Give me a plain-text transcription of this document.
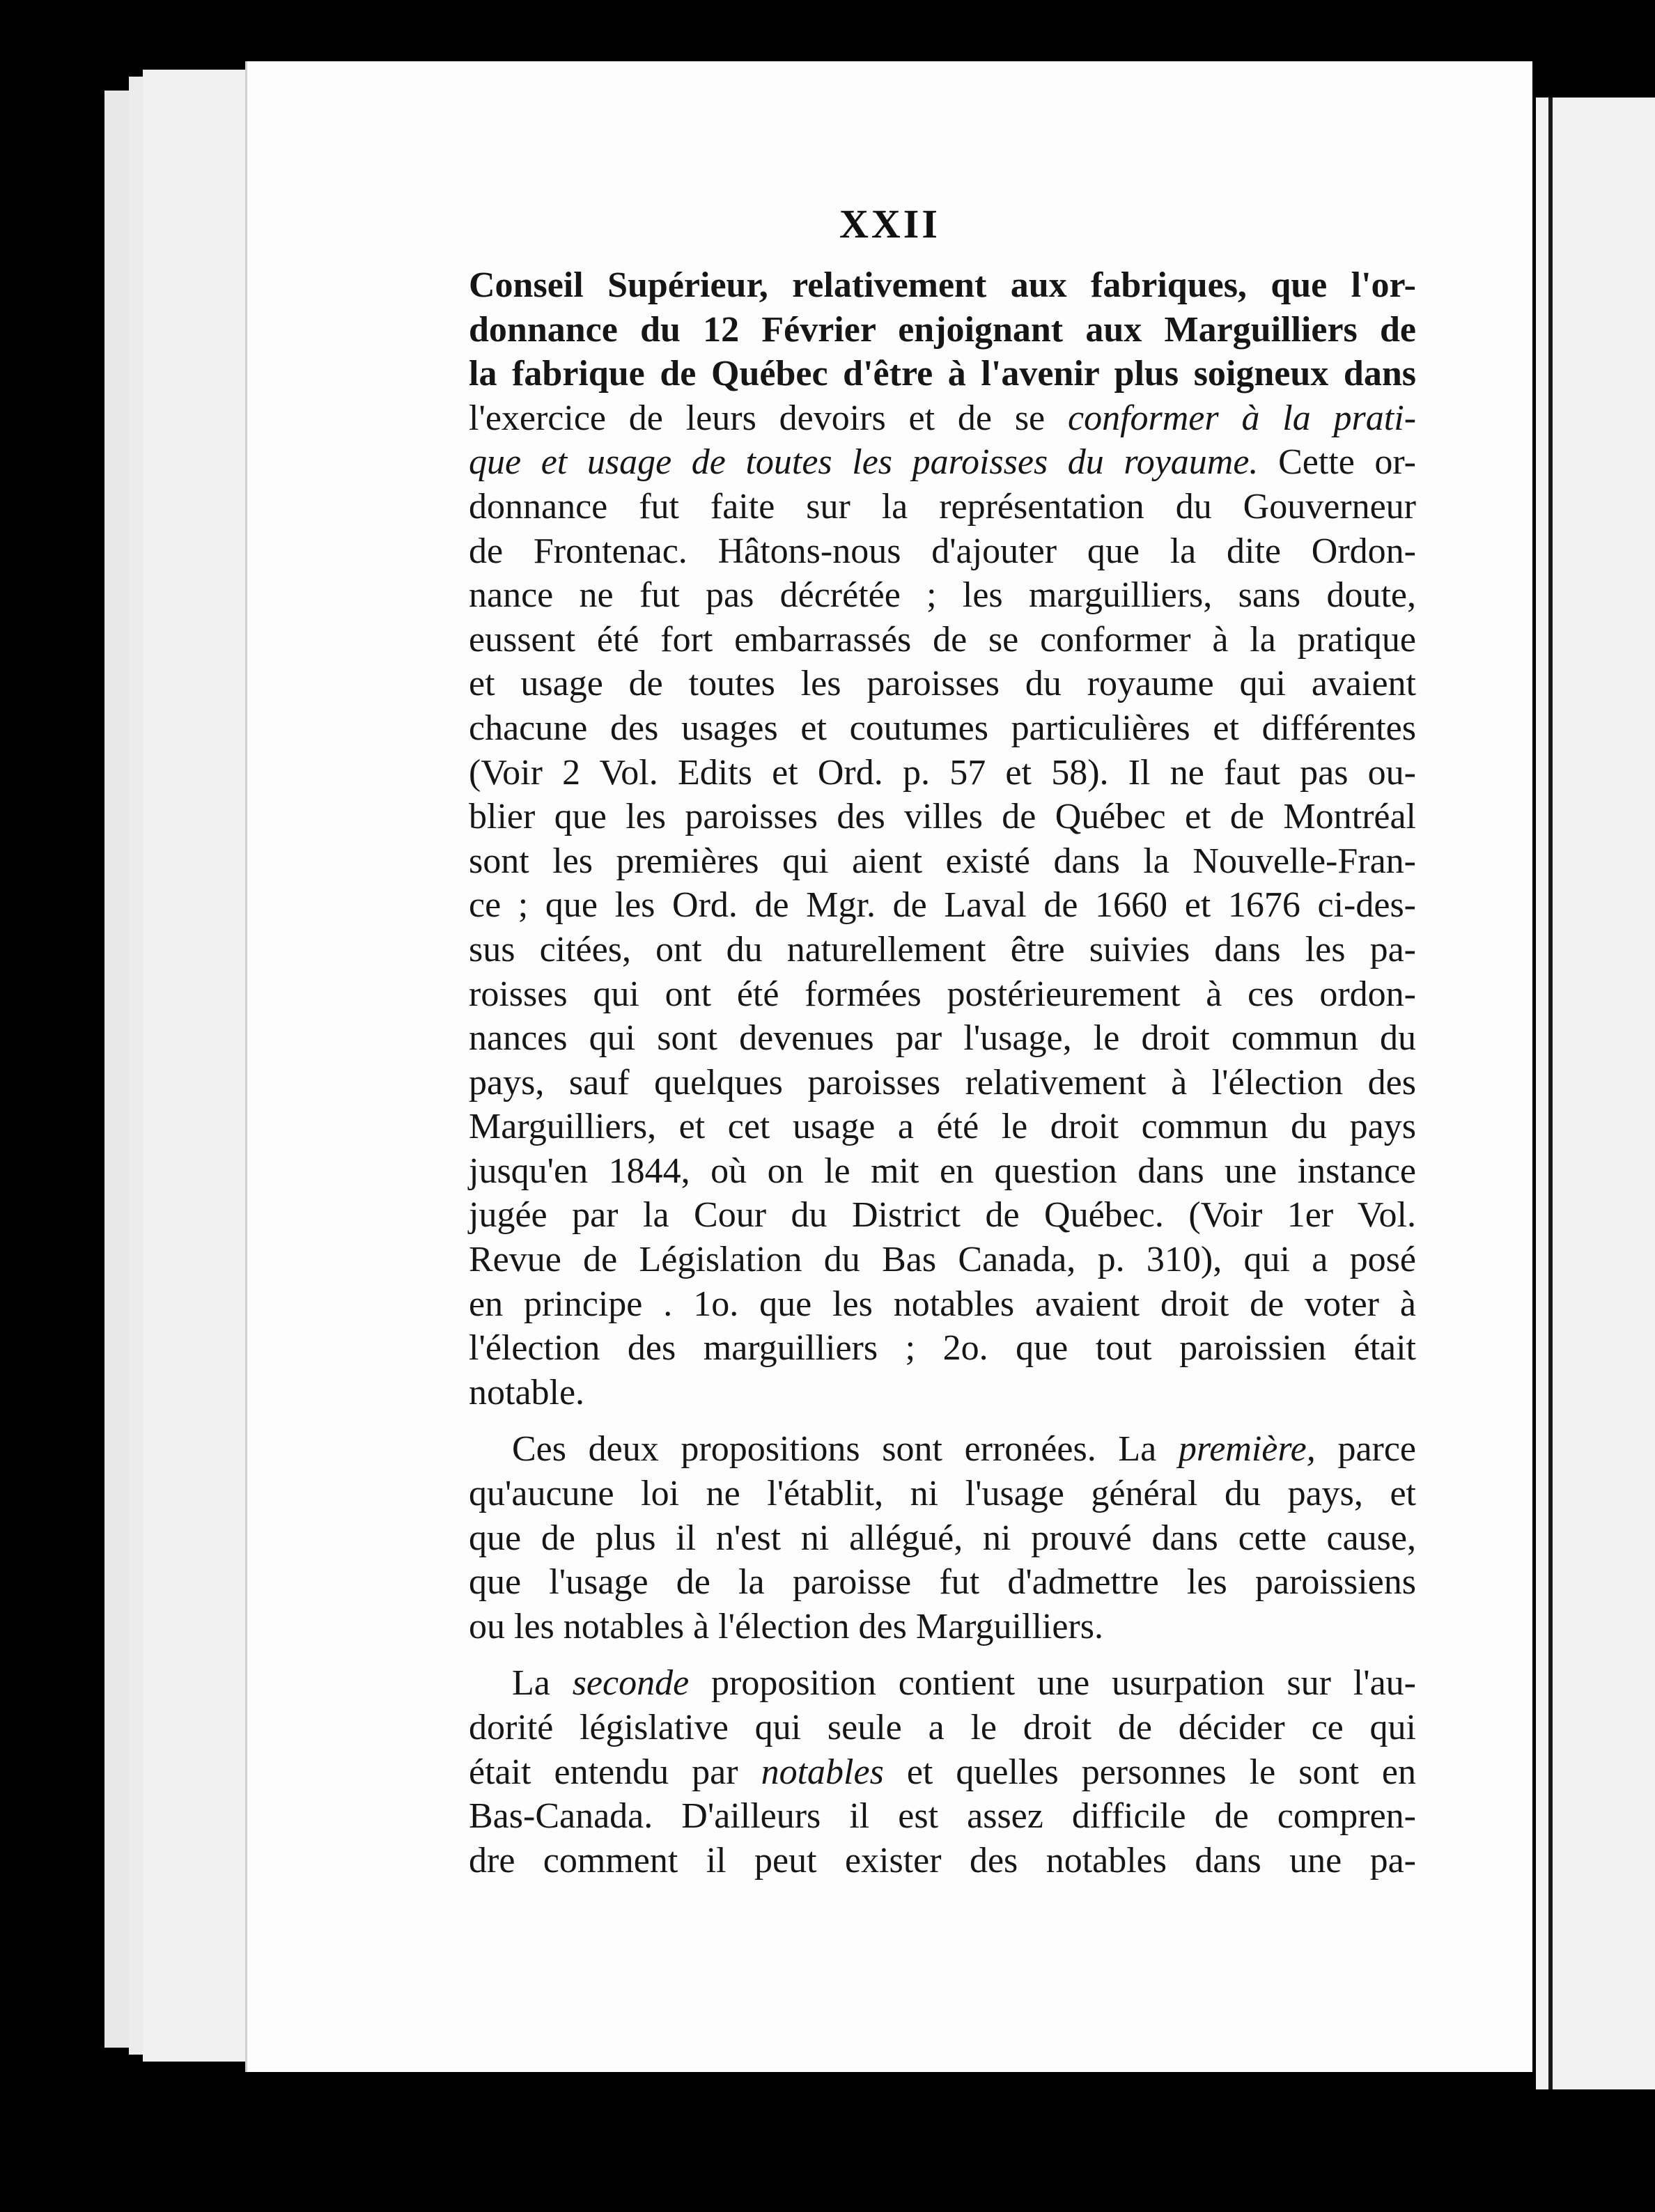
XXII
Conseil Supérieur, relativement aux fabriques, que l'or-
donnance du 12 Février enjoignant aux Marguilliers de
la fabrique de Québec d'être à l'avenir plus soigneux dans
l'exercice de leurs devoirs et de se conformer à la prati-
que et usage de toutes les paroisses du royaume. Cette or-
donnance fut faite sur la représentation du Gouverneur
de Frontenac. Hâtons-nous d'ajouter que la dite Ordon-
nance ne fut pas décrétée ; les marguilliers, sans doute,
eussent été fort embarrassés de se conformer à la pratique
et usage de toutes les paroisses du royaume qui avaient
chacune des usages et coutumes particulières et différentes
(Voir 2 Vol. Edits et Ord. p. 57 et 58). Il ne faut pas ou-
blier que les paroisses des villes de Québec et de Montréal
sont les premières qui aient existé dans la Nouvelle-Fran-
ce ; que les Ord. de Mgr. de Laval de 1660 et 1676 ci-des-
sus citées, ont du naturellement être suivies dans les pa-
roisses qui ont été formées postérieurement à ces ordon-
nances qui sont devenues par l'usage, le droit commun du
pays, sauf quelques paroisses relativement à l'élection des
Marguilliers, et cet usage a été le droit commun du pays
jusqu'en 1844, où on le mit en question dans une instance
jugée par la Cour du District de Québec. (Voir 1er Vol.
Revue de Législation du Bas Canada, p. 310), qui a posé
en principe . 1o. que les notables avaient droit de voter à
l'élection des marguilliers ; 2o. que tout paroissien était
notable.
Ces deux propositions sont erronées. La première, parce
qu'aucune loi ne l'établit, ni l'usage général du pays, et
que de plus il n'est ni allégué, ni prouvé dans cette cause,
que l'usage de la paroisse fut d'admettre les paroissiens
ou les notables à l'élection des Marguilliers.
La seconde proposition contient une usurpation sur l'au-
dorité législative qui seule a le droit de décider ce qui
était entendu par notables et quelles personnes le sont en
Bas-Canada. D'ailleurs il est assez difficile de compren-
dre comment il peut exister des notables dans une pa-
